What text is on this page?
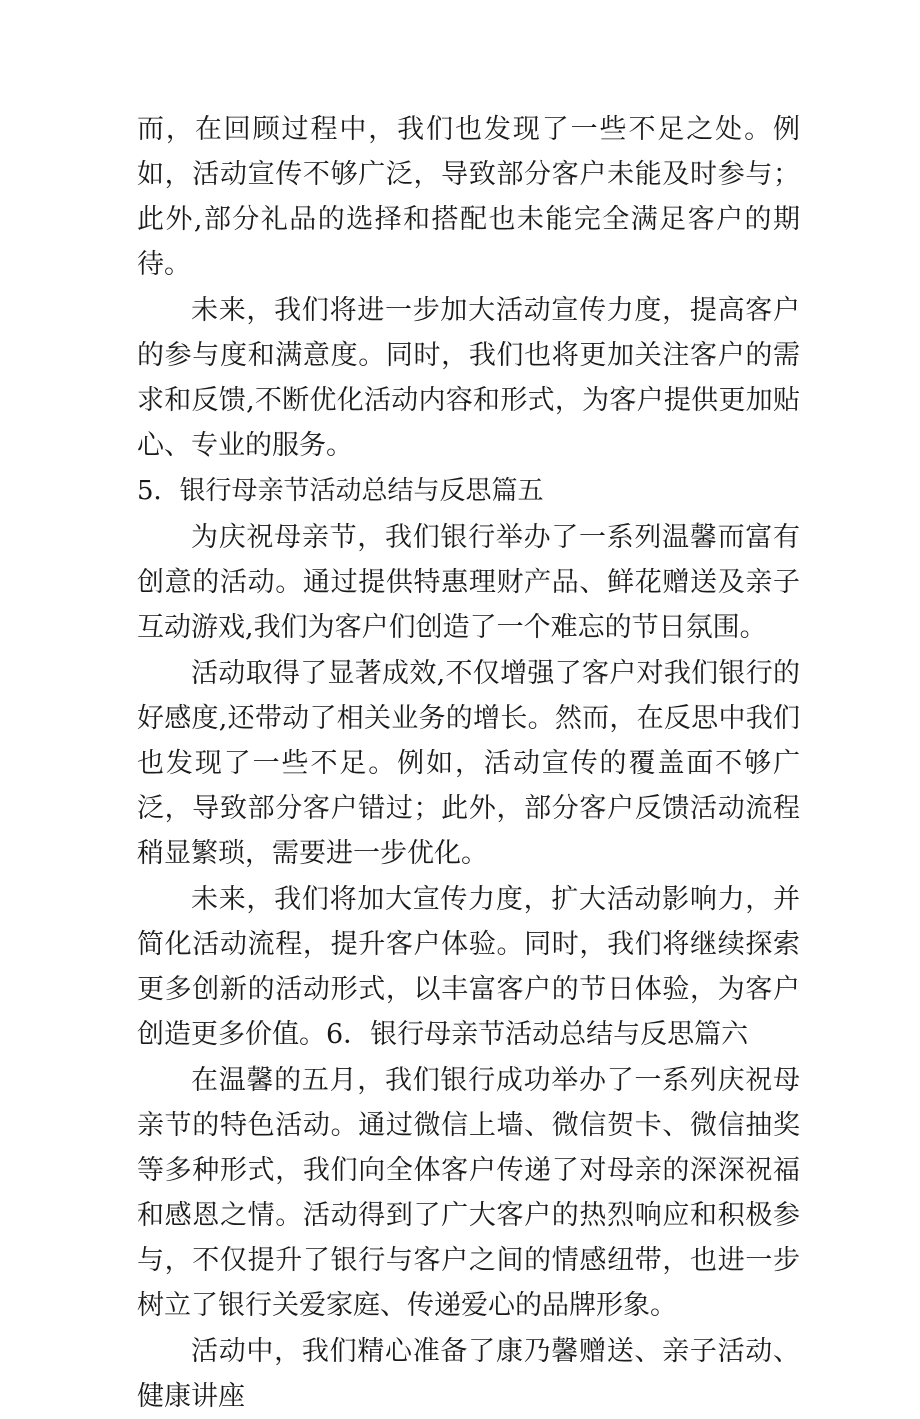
而，在回顾过程中，我们也发现了一些不足之处。例如，活动宣传不够广泛，导致部分客户未能及时参与；此外,部分礼品的选择和搭配也未能完全满足客户的期待。

未来，我们将进一步加大活动宣传力度，提高客户的参与度和满意度。同时，我们也将更加关注客户的需求和反馈,不断优化活动内容和形式，为客户提供更加贴心、专业的服务。

5．银行母亲节活动总结与反思篇五

为庆祝母亲节，我们银行举办了一系列温馨而富有创意的活动。通过提供特惠理财产品、鲜花赠送及亲子互动游戏,我们为客户们创造了一个难忘的节日氛围。

活动取得了显著成效,不仅增强了客户对我们银行的好感度,还带动了相关业务的增长。然而，在反思中我们也发现了一些不足。例如，活动宣传的覆盖面不够广泛，导致部分客户错过；此外，部分客户反馈活动流程稍显繁琐，需要进一步优化。

未来，我们将加大宣传力度，扩大活动影响力，并简化活动流程，提升客户体验。同时，我们将继续探索更多创新的活动形式，以丰富客户的节日体验，为客户创造更多价值。6．银行母亲节活动总结与反思篇六

在温馨的五月，我们银行成功举办了一系列庆祝母亲节的特色活动。通过微信上墙、微信贺卡、微信抽奖等多种形式，我们向全体客户传递了对母亲的深深祝福和感恩之情。活动得到了广大客户的热烈响应和积极参与，不仅提升了银行与客户之间的情感纽带，也进一步树立了银行关爱家庭、传递爱心的品牌形象。

活动中，我们精心准备了康乃馨赠送、亲子活动、健康讲座
